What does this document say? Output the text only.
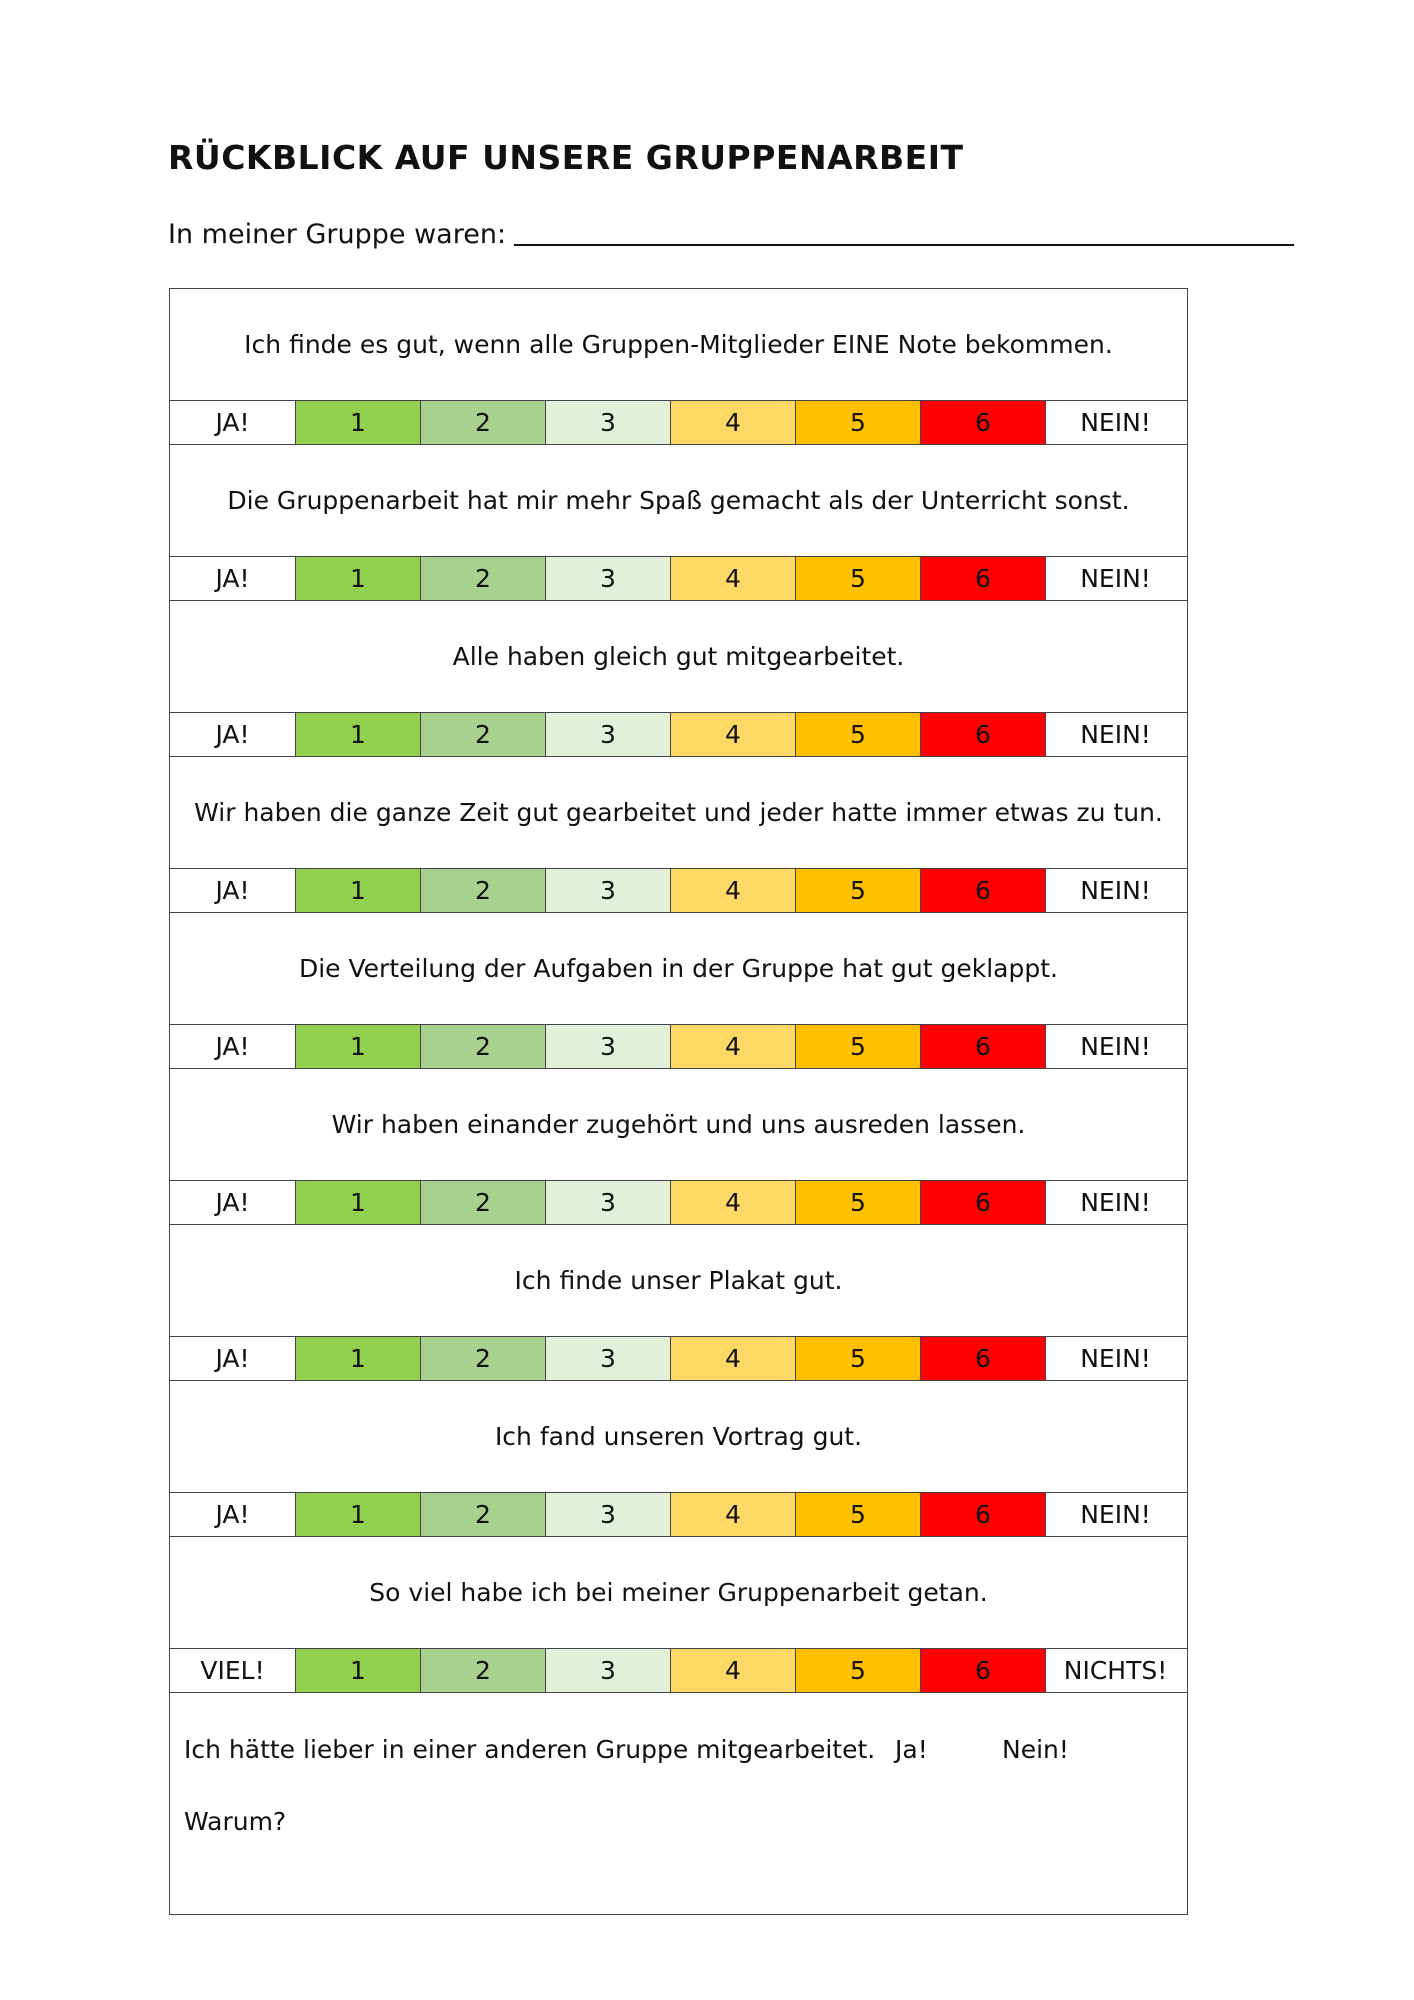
RÜCKBLICK AUF UNSERE GRUPPENARBEIT
In meiner Gruppe waren:
Ich finde es gut, wenn alle Gruppen-Mitglieder EINE Note bekommen.
JA!	1	2	3	4	5	6	NEIN!
Die Gruppenarbeit hat mir mehr Spaß gemacht als der Unterricht sonst.
JA!	1	2	3	4	5	6	NEIN!
Alle haben gleich gut mitgearbeitet.
JA!	1	2	3	4	5	6	NEIN!
Wir haben die ganze Zeit gut gearbeitet und jeder hatte immer etwas zu tun.
JA!	1	2	3	4	5	6	NEIN!
Die Verteilung der Aufgaben in der Gruppe hat gut geklappt.
JA!	1	2	3	4	5	6	NEIN!
Wir haben einander zugehört und uns ausreden lassen.
JA!	1	2	3	4	5	6	NEIN!
Ich finde unser Plakat gut.
JA!	1	2	3	4	5	6	NEIN!
Ich fand unseren Vortrag gut.
JA!	1	2	3	4	5	6	NEIN!
So viel habe ich bei meiner Gruppenarbeit getan.
VIEL!	1	2	3	4	5	6	NICHTS!
Ich hätte lieber in einer anderen Gruppe mitgearbeitet. Ja!	Nein!
Warum?
